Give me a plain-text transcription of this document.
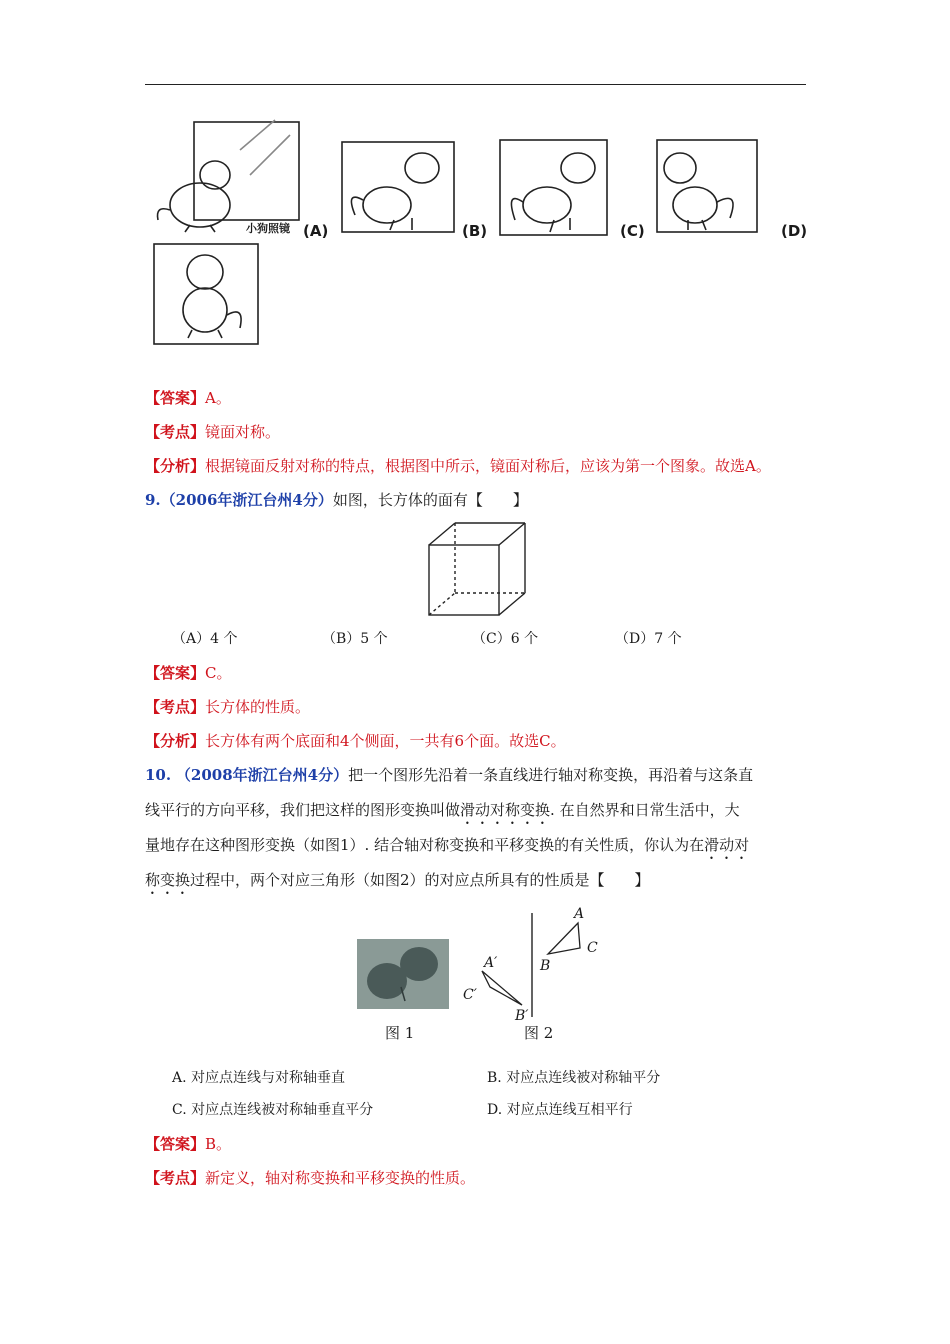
小狗照镜 (A)	(B)	(C)	(D)
【答案】A。
【考点】镜面对称。
【分析】根据镜面反射对称的特点，根据图中所示，镜面对称后，应该为第一个图象。故选A。
9.（2006年浙江台州4分）如图，长方体的面有【　　】
（A）4 个	（B）5 个	（C）6 个	（D）7 个
【答案】C。
【考点】长方体的性质。
【分析】长方体有两个底面和4个侧面，一共有6个面。故选C。
10. （2008年浙江台州4分）把一个图形先沿着一条直线进行轴对称变换，再沿着与这条直
线平行的方向平移，我们把这样的图形变换叫做滑动对称变换. 在自然界和日常生活中，大
量地存在这种图形变换（如图1）. 结合轴对称变换和平移变换的有关性质，你认为在滑动对
称变换过程中，两个对应三角形（如图2）的对应点所具有的性质是【　　】
图 1
A
B
C
A′
B′
C′
图 2
A. 对应点连线与对称轴垂直	B. 对应点连线被对称轴平分
C. 对应点连线被对称轴垂直平分	D. 对应点连线互相平行
【答案】B。
【考点】新定义，轴对称变换和平移变换的性质。
